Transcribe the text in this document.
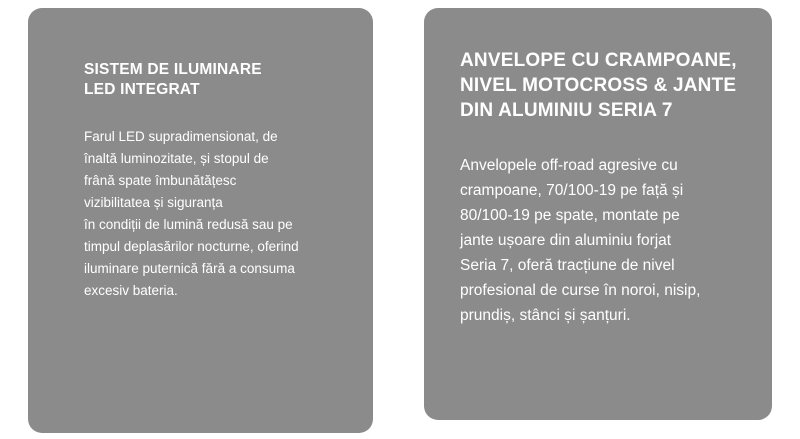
SISTEM DE ILUMINARE
LED INTEGRAT

Farul LED supradimensionat, de
înaltă luminozitate, și stopul de
frână spate îmbunătățesc
vizibilitatea și siguranța
în condiții de lumină redusă sau pe
timpul deplasărilor nocturne, oferind
iluminare puternică fără a consuma
excesiv bateria.

ANVELOPE CU CRAMPOANE,
NIVEL MOTOCROSS & JANTE
DIN ALUMINIU SERIA 7

Anvelopele off-road agresive cu
crampoane, 70/100-19 pe față și
80/100-19 pe spate, montate pe
jante ușoare din aluminiu forjat
Seria 7, oferă tracțiune de nivel
profesional de curse în noroi, nisip,
prundiș, stânci și șanțuri.
